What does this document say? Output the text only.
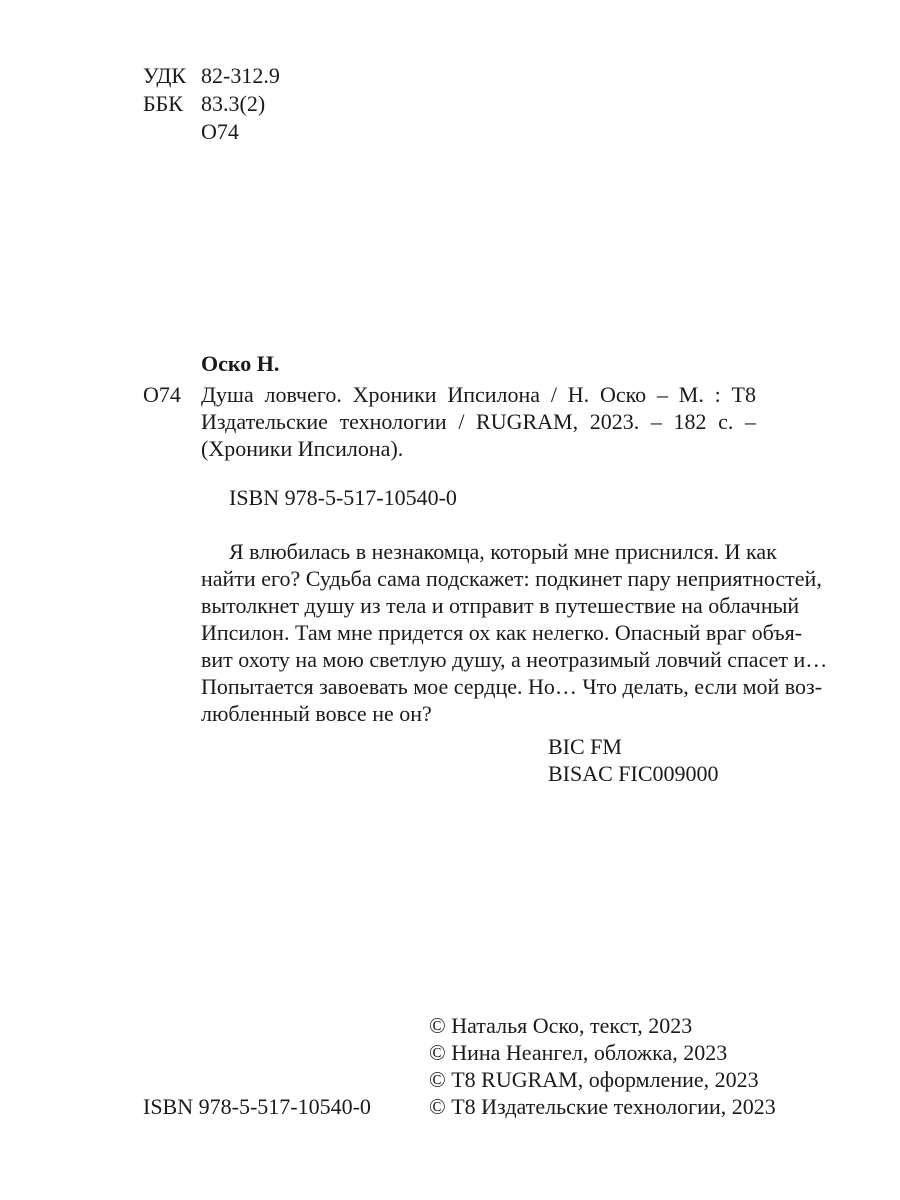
УДК 82-312.9
ББК 83.3(2)
О74
Оско Н.
О74 Душа ловчего. Хроники Ипсилона / Н. Оско – М. : Т8
Издательские технологии / RUGRAM, 2023. – 182 с. –
(Хроники Ипсилона).
ISBN 978-5-517-10540-0
Я влюбилась в незнакомца, который мне приснился. И как
найти его? Судьба сама подскажет: подкинет пару неприятностей,
вытолкнет душу из тела и отправит в путешествие на облачный
Ипсилон. Там мне придется ох как нелегко. Опасный враг объя-
вит охоту на мою светлую душу, а неотразимый ловчий спасет и…
Попытается завоевать мое сердце. Но… Что делать, если мой воз-
любленный вовсе не он?
BIC FM
BISAC FIC009000
© Наталья Оско, текст, 2023
© Нина Неангел, обложка, 2023
© Т8 RUGRAM, оформление, 2023
© Т8 Издательские технологии, 2023
ISBN 978-5-517-10540-0
